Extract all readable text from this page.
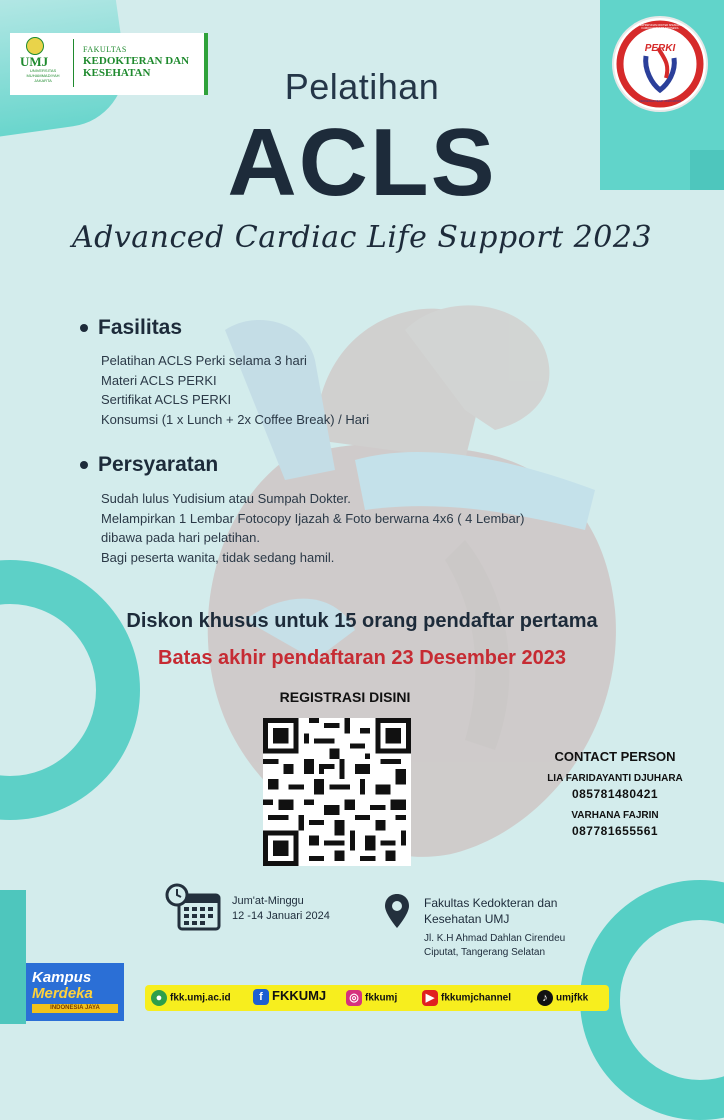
UMJ
UNIVERSITAS MUHAMMADIYAH JAKARTA
FAKULTAS
KEDOKTERAN DAN
KESEHATAN
PERKI
PERHIMPUNAN DOKTER SPESIALIS KARDIOVASKULAR INDONESIA
INDONESIAN HEART ASSOCIATION
Pelatihan
ACLS
Advanced Cardiac Life Support 2023
Fasilitas
Pelatihan ACLS Perki selama 3 hari
Materi ACLS PERKI
Sertifikat ACLS PERKI
Konsumsi (1 x Lunch + 2x Coffee Break) / Hari
Persyaratan
Sudah lulus Yudisium atau Sumpah Dokter.
Melampirkan 1 Lembar Fotocopy Ijazah & Foto berwarna 4x6 ( 4 Lembar)
dibawa pada hari pelatihan.
Bagi peserta wanita, tidak sedang hamil.
Diskon khusus untuk 15 orang pendaftar pertama
Batas akhir pendaftaran 23 Desember 2023
REGISTRASI DISINI
CONTACT PERSON
LIA FARIDAYANTI DJUHARA
085781480421
VARHANA FAJRIN
087781655561
Jum'at-Minggu
12 -14 Januari 2024
Fakultas Kedokteran dan
Kesehatan UMJ
Jl. K.H Ahmad Dahlan Cirendeu
Ciputat, Tangerang Selatan
Kampus
Merdeka
INDONESIA JAYA
● fkk.umj.ac.id	f FKKUMJ ◎ fkkumj	▶ fkkumjchannel	♪ umjfkk
